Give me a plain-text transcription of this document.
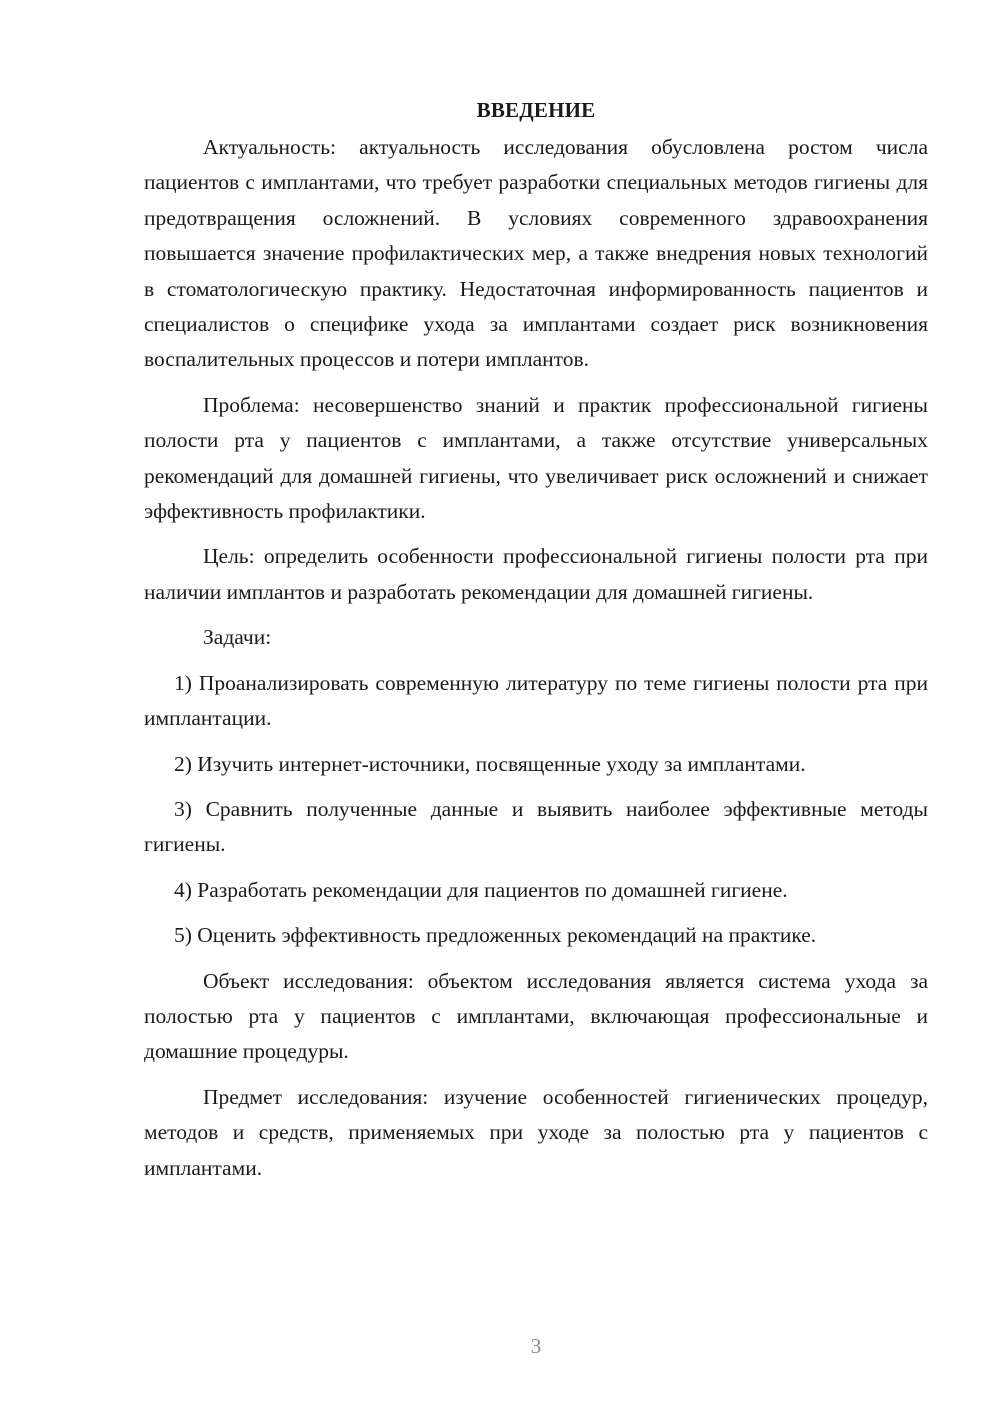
ВВЕДЕНИЕ

Актуальность: актуальность исследования обусловлена ростом числа пациентов с имплантами, что требует разработки специальных методов гигиены для предотвращения осложнений. В условиях современного здравоохранения повышается значение профилактических мер, а также внедрения новых технологий в стоматологическую практику. Недостаточная информированность пациентов и специалистов о специфике ухода за имплантами создает риск возникновения воспалительных процессов и потери имплантов.

Проблема: несовершенство знаний и практик профессиональной гигиены полости рта у пациентов с имплантами, а также отсутствие универсальных рекомендаций для домашней гигиены, что увеличивает риск осложнений и снижает эффективность профилактики.

Цель: определить особенности профессиональной гигиены полости рта при наличии имплантов и разработать рекомендации для домашней гигиены.

Задачи:

1) Проанализировать современную литературу по теме гигиены полости рта при имплантации.

2) Изучить интернет-источники, посвященные уходу за имплантами.

3) Сравнить полученные данные и выявить наиболее эффективные методы гигиены.

4) Разработать рекомендации для пациентов по домашней гигиене.

5) Оценить эффективность предложенных рекомендаций на практике.

Объект исследования: объектом исследования является система ухода за полостью рта у пациентов с имплантами, включающая профессиональные и домашние процедуры.

Предмет исследования: изучение особенностей гигиенических процедур, методов и средств, применяемых при уходе за полостью рта у пациентов с имплантами.

3
